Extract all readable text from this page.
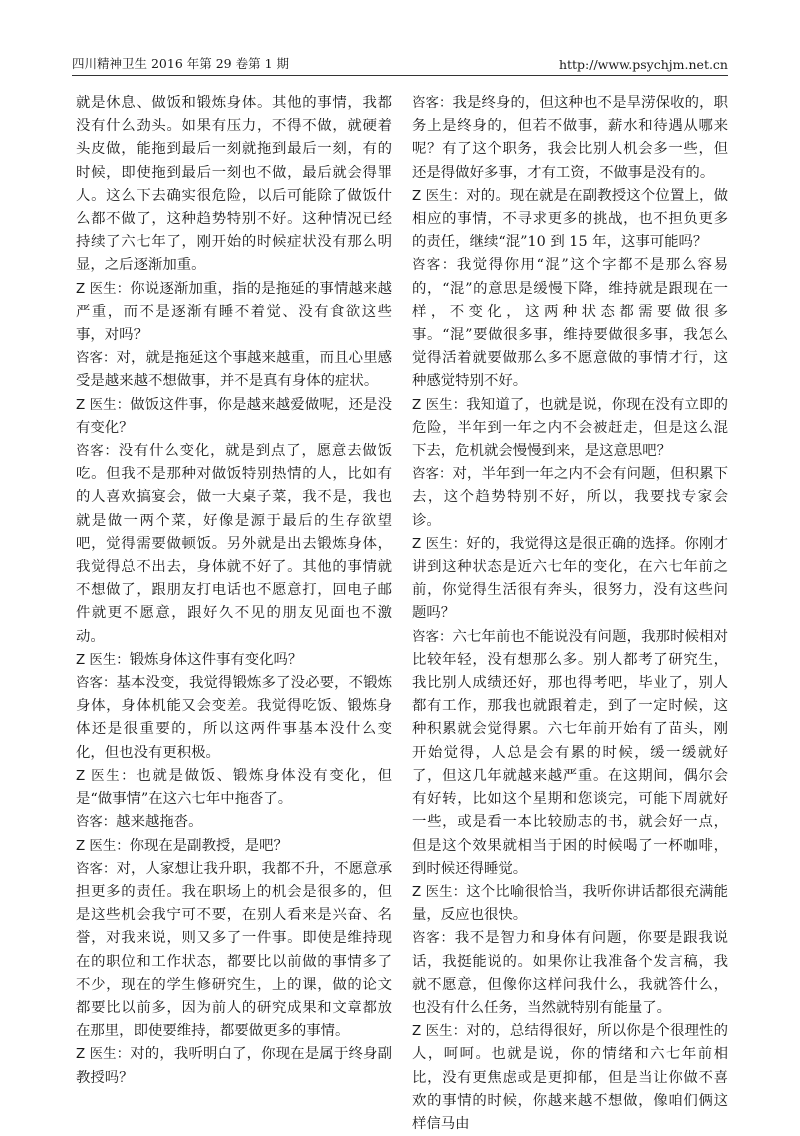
四川精神卫生 2016 年第 29 卷第 1 期	http://www.psychjm.net.cn

就是休息、做饭和锻炼身体。其他的事情，我都没有什么劲头。如果有压力，不得不做，就硬着头皮做，能拖到最后一刻就拖到最后一刻，有的时候，即使拖到最后一刻也不做，最后就会得罪人。这么下去确实很危险，以后可能除了做饭什么都不做了，这种趋势特别不好。这种情况已经持续了六七年了，刚开始的时候症状没有那么明显，之后逐渐加重。

Z 医生：你说逐渐加重，指的是拖延的事情越来越严重，而不是逐渐有睡不着觉、没有食欲这些事，对吗？

咨客：对，就是拖延这个事越来越重，而且心里感受是越来越不想做事，并不是真有身体的症状。

Z 医生：做饭这件事，你是越来越爱做呢，还是没有变化？

咨客：没有什么变化，就是到点了，愿意去做饭吃。但我不是那种对做饭特别热情的人，比如有的人喜欢搞宴会，做一大桌子菜，我不是，我也就是做一两个菜，好像是源于最后的生存欲望吧，觉得需要做顿饭。另外就是出去锻炼身体，我觉得总不出去，身体就不好了。其他的事情就不想做了，跟朋友打电话也不愿意打，回电子邮件就更不愿意，跟好久不见的朋友见面也不激动。

Z 医生：锻炼身体这件事有变化吗？

咨客：基本没变，我觉得锻炼多了没必要，不锻炼身体，身体机能又会变差。我觉得吃饭、锻炼身体还是很重要的，所以这两件事基本没什么变化，但也没有更积极。

Z 医生：也就是做饭、锻炼身体没有变化，但是“做事情”在这六七年中拖沓了。

咨客：越来越拖沓。

Z 医生：你现在是副教授，是吧？

咨客：对，人家想让我升职，我都不升，不愿意承担更多的责任。我在职场上的机会是很多的，但是这些机会我宁可不要，在别人看来是兴奋、名誉，对我来说，则又多了一件事。即使是维持现在的职位和工作状态，都要比以前做的事情多了不少，现在的学生修研究生，上的课，做的论文都要比以前多，因为前人的研究成果和文章都放在那里，即使要维持，都要做更多的事情。

Z 医生：对的，我听明白了，你现在是属于终身副教授吗？

咨客：我是终身的，但这种也不是旱涝保收的，职务上是终身的，但若不做事，薪水和待遇从哪来呢？有了这个职务，我会比别人机会多一些，但还是得做好多事，才有工资，不做事是没有的。

Z 医生：对的。现在就是在副教授这个位置上，做相应的事情，不寻求更多的挑战，也不担负更多的责任，继续“混”10 到 15 年，这事可能吗？

咨客：我觉得你用“混”这个字都不是那么容易的，“混”的意思是缓慢下降，维持就是跟现在一样，不变化，这两种状态都需要做很多事。“混”要做很多事，维持要做很多事，我怎么觉得活着就要做那么多不愿意做的事情才行，这种感觉特别不好。

Z 医生：我知道了，也就是说，你现在没有立即的危险，半年到一年之内不会被赶走，但是这么混下去，危机就会慢慢到来，是这意思吧？

咨客：对，半年到一年之内不会有问题，但积累下去，这个趋势特别不好，所以，我要找专家会诊。

Z 医生：好的，我觉得这是很正确的选择。你刚才讲到这种状态是近六七年的变化，在六七年前之前，你觉得生活很有奔头，很努力，没有这些问题吗？

咨客：六七年前也不能说没有问题，我那时候相对比较年轻，没有想那么多。别人都考了研究生，我比别人成绩还好，那也得考吧，毕业了，别人都有工作，那我也就跟着走，到了一定时候，这种积累就会觉得累。六七年前开始有了苗头，刚开始觉得，人总是会有累的时候，缓一缓就好了，但这几年就越来越严重。在这期间，偶尔会有好转，比如这个星期和您谈完，可能下周就好一些，或是看一本比较励志的书，就会好一点，但是这个效果就相当于困的时候喝了一杯咖啡，到时候还得睡觉。

Z 医生：这个比喻很恰当，我听你讲话都很充满能量，反应也很快。

咨客：我不是智力和身体有问题，你要是跟我说话，我挺能说的。如果你让我准备个发言稿，我就不愿意，但像你这样问我什么，我就答什么，也没有什么任务，当然就特别有能量了。

Z 医生：对的，总结得很好，所以你是个很理性的人，呵呵。也就是说，你的情绪和六七年前相比，没有更焦虑或是更抑郁，但是当让你做不喜欢的事情的时候，你越来越不想做，像咱们俩这样信马由
